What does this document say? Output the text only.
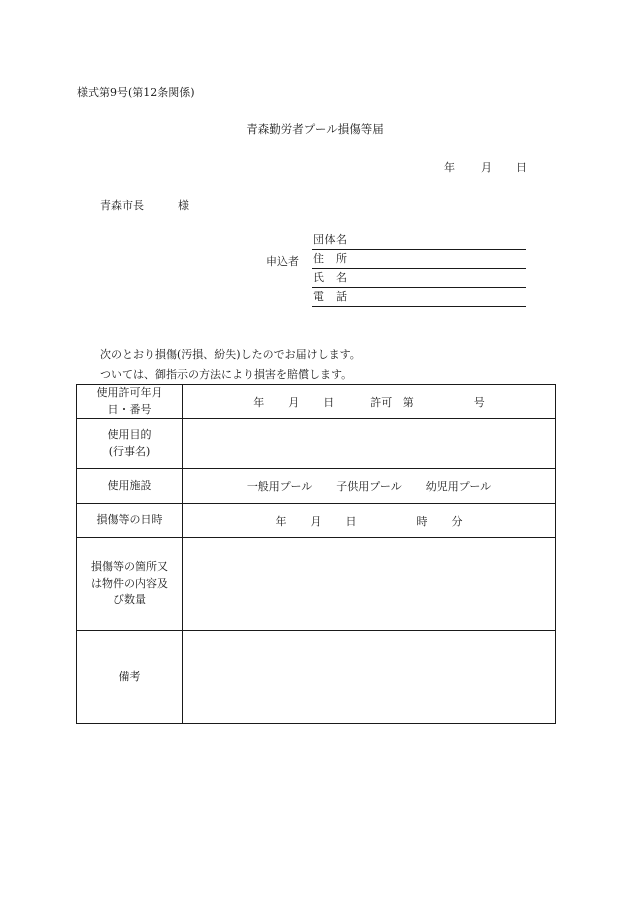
様式第9号(第12条関係)
青森勤労者プール損傷等届
年 月 日
青森市長	様
申込者
団体名
住　所
氏　名
電　話
次のとおり損傷(汚損、紛失)したのでお届けします。
ついては、御指示の方法により損害を賠償します。
使用許可年月
日・番号	年 月 日 許可 第 号

使用目的
(行事名)	

使用施設	一般用プール 子供用プール 幼児用プール
損傷等の日時	年 月 日 時 分

損傷等の箇所又
は物件の内容及
び数量	

備考	
